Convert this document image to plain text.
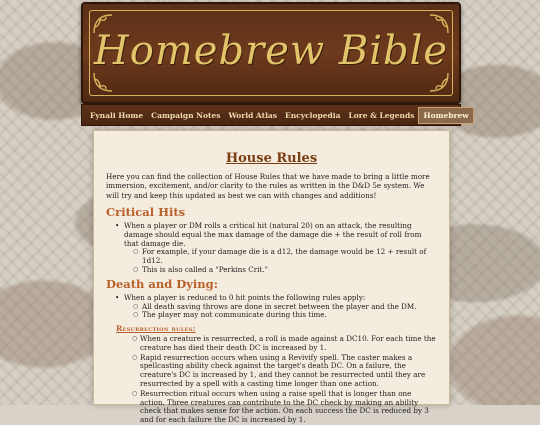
Homebrew Bible
Fynali Home	Campaign Notes	World Atlas	Encyclopedia	Lore & Legends	Homebrew
House Rules

Here you can find the collection of House Rules that we have made to bring a little more immersion, excitement, and/or clarity to the rules as written in the D&D 5e system. We will try and keep this updated as best we can with changes and additions!

Critical Hits
• When a player or DM rolls a critical hit (natural 20) on an attack, the resulting damage should equal the max damage of the damage die + the result of roll from that damage die.
○ For example, if your damage die is a d12, the damage would be 12 + result of 1d12.
○ This is also called a "Perkins Crit."
Death and Dying:
• When a player is reduced to 0 hit points the following rules apply:
○ All death saving throws are done in secret between the player and the DM.
○ The player may not communicate during this time.
Resurrection rules:
○ When a creature is resurrected, a roll is made against a DC10. For each time the creature has died their death DC is increased by 1.
○ Rapid resurrection occurs when using a Revivify spell. The caster makes a spellcasting ability check against the target's death DC. On a failure, the creature's DC is increased by 1, and they cannot be resurrected until they are resurrected by a spell with a casting time longer than one action.
○ Resurrection ritual occurs when using a raise spell that is longer than one action. Three creatures can contribute to the DC check by making an ability check that makes sense for the action. On each success the DC is reduced by 3 and for each failure the DC is increased by 1.
